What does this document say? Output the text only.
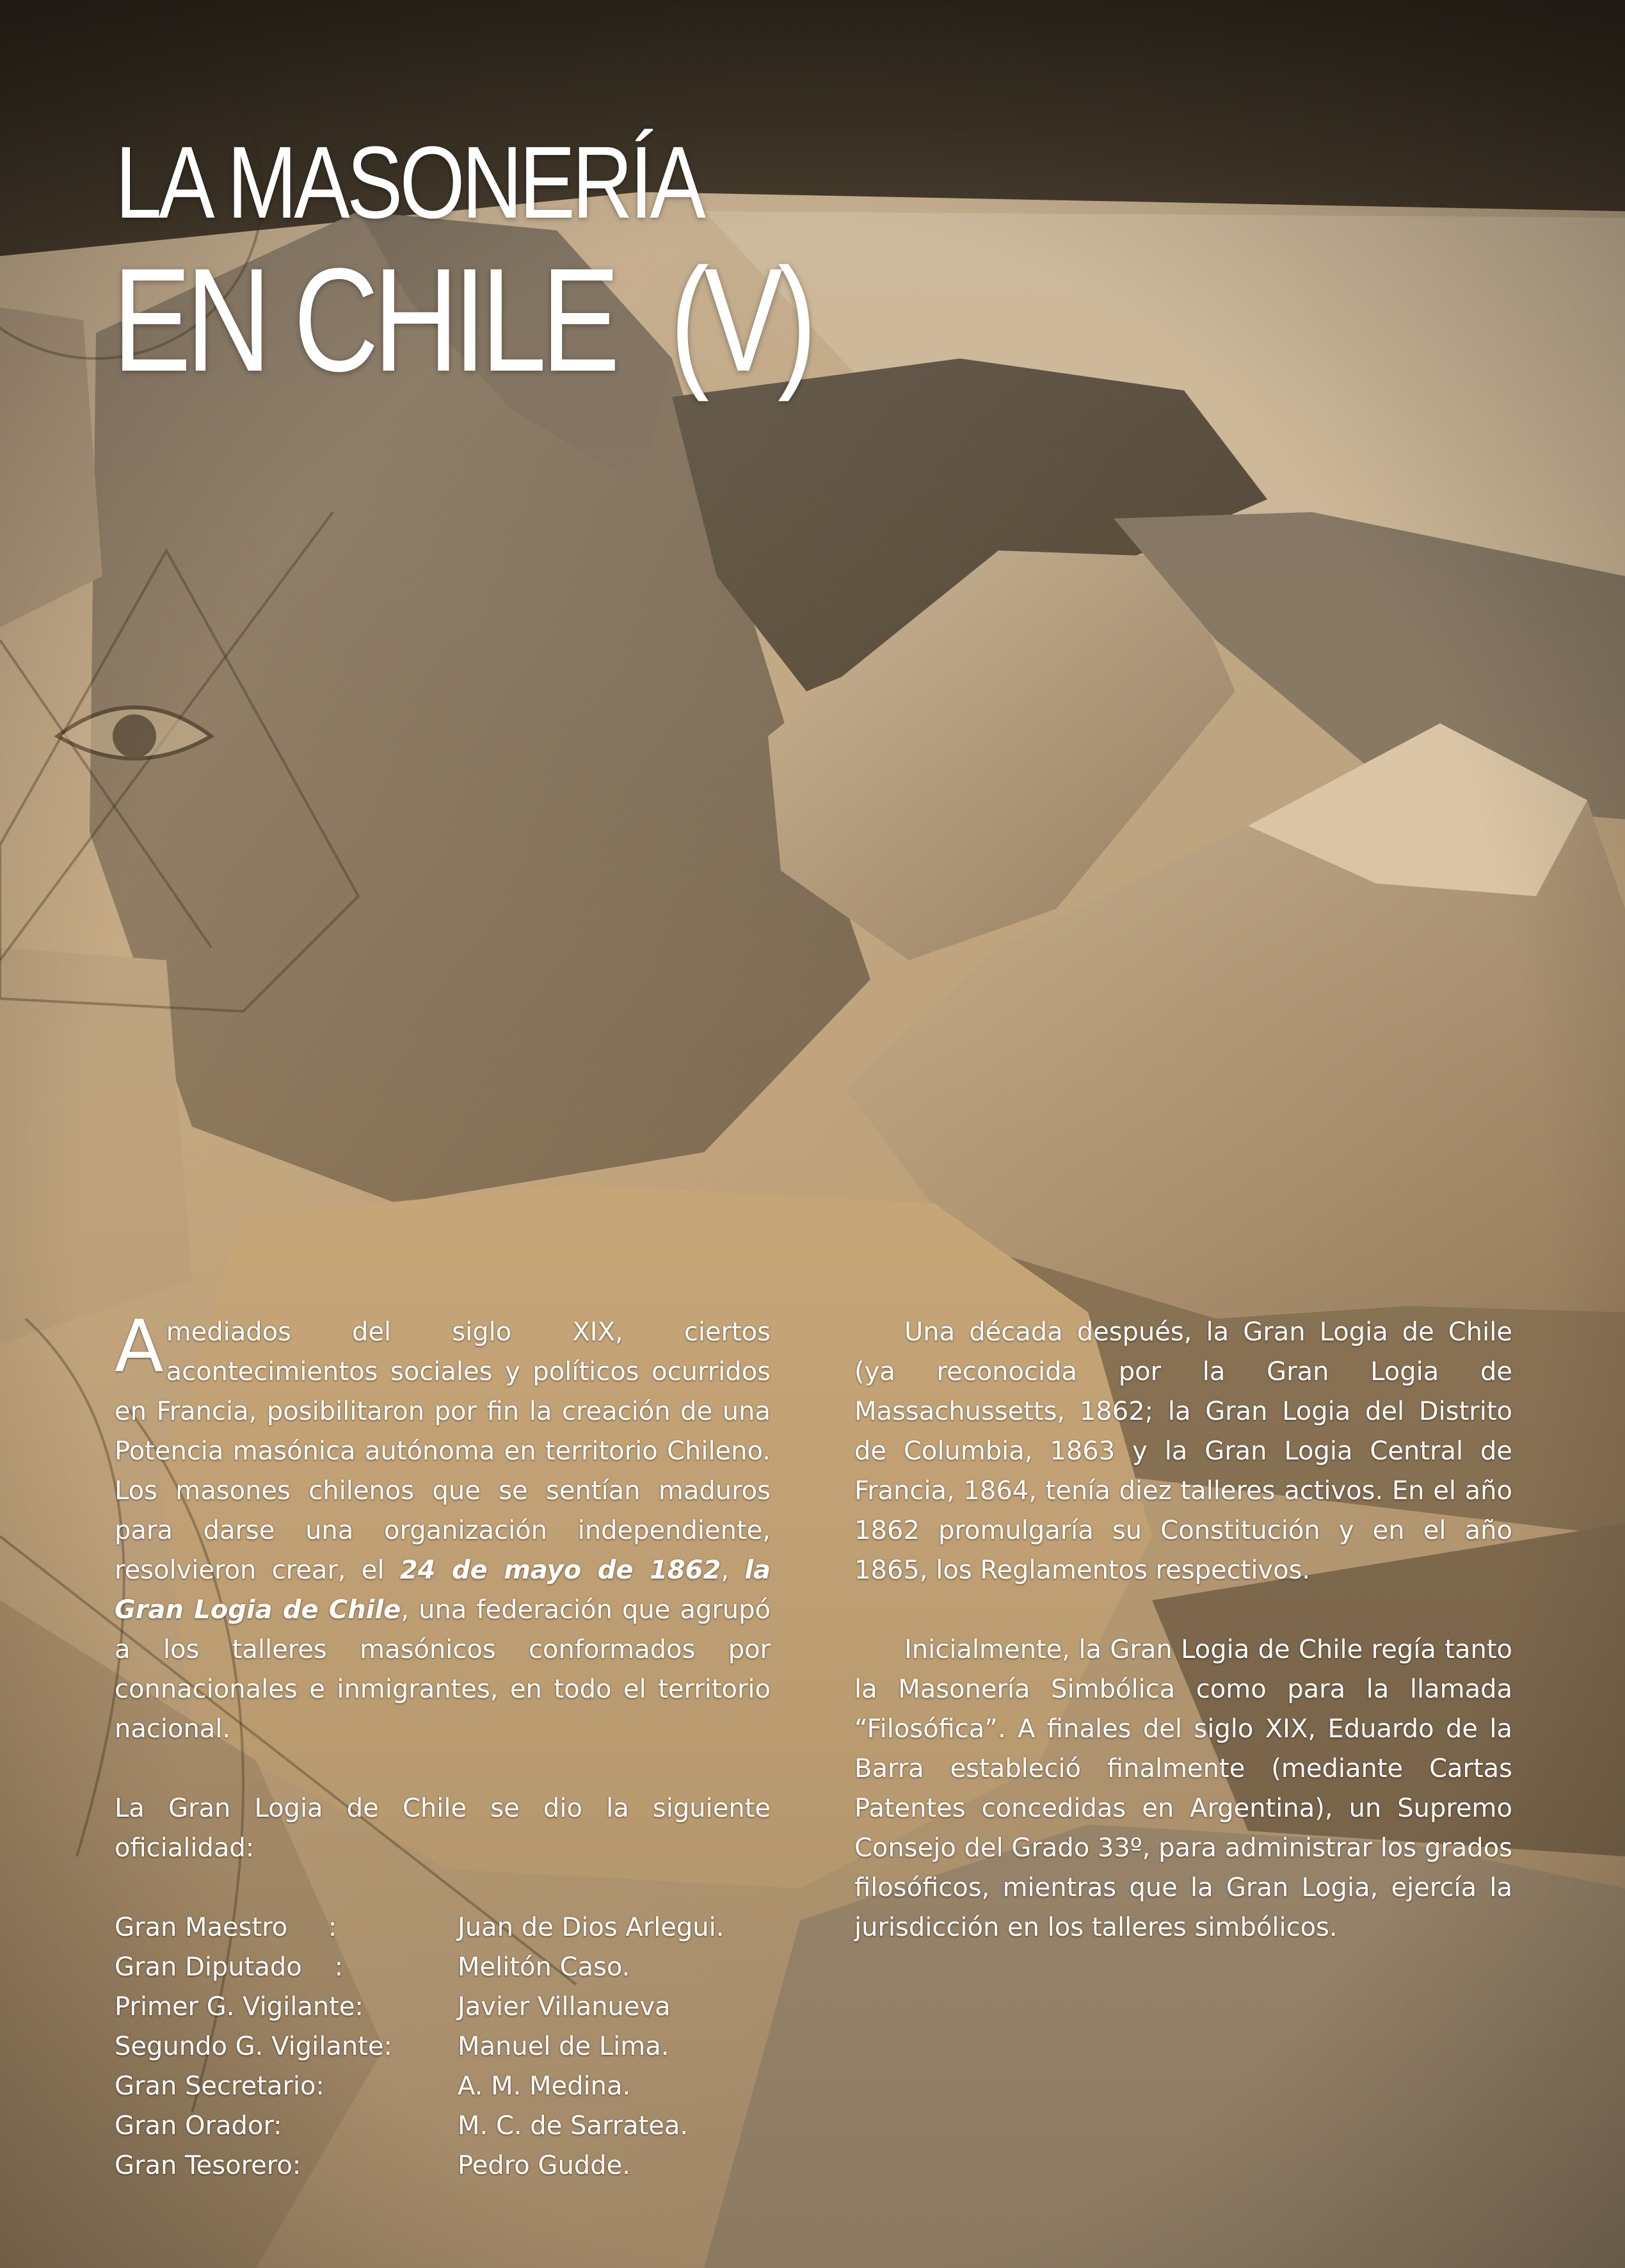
LA MASONERÍA
EN CHILE  (V)

Amediados del siglo XIX, ciertos acontecimientos sociales y políticos ocurridos en Francia, posibilitaron por fin la creación de una Potencia masónica autónoma en territorio Chileno. Los masones chilenos que se sentían maduros para darse una organización independiente, resolvieron crear, el 24 de mayo de 1862, la Gran Logia de Chile, una federación que agrupó a los talleres masónicos conformados por connacionales e inmigrantes, en todo el territorio nacional.

La Gran Logia de Chile se dio la siguiente oficialidad:

Gran Maestro     :	Juan de Dios Arlegui.
Gran Diputado    :	Melitón Caso.
Primer G. Vigilante:	Javier Villanueva
Segundo G. Vigilante:	Manuel de Lima.
Gran Secretario:	A. M. Medina.
Gran Orador:	M. C. de Sarratea.
Gran Tesorero:	Pedro Gudde.

Una década después, la Gran Logia de Chile (ya reconocida por la Gran Logia de Massachussetts, 1862; la Gran Logia del Distrito de Columbia, 1863 y la Gran Logia Central de Francia, 1864, tenía diez talleres activos. En el año 1862 promulgaría su Constitución y en el año 1865, los Reglamentos respectivos.

Inicialmente, la Gran Logia de Chile regía tanto la Masonería Simbólica como para la llamada “Filosófica”. A finales del siglo XIX, Eduardo de la Barra estableció finalmente (mediante Cartas Patentes concedidas en Argentina), un Supremo Consejo del Grado 33º, para administrar los grados filosóficos, mientras que la Gran Logia, ejercía la jurisdicción en los talleres simbólicos.
